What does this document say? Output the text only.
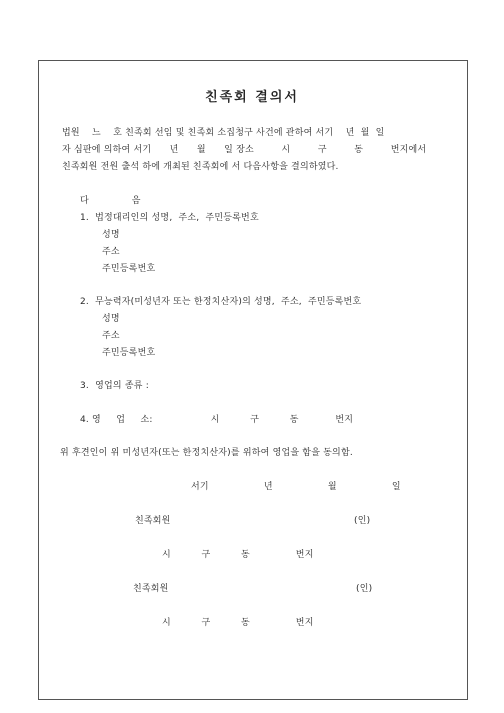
친족회 결의서
법원    느    호 친족회 선임 및 친족회 소집청구 사건에 관하여 서기    년  월  일
자 심판에 의하여 서기      년      월      일 장소         시         구         동         번지에서
친족회원 전원 출석 하에 개최된 친족회에 서 다음사항을 결의하였다.
다              음
1.  법정대리인의 성명,  주소,  주민등록번호
성명
주소
주민등록번호
2.  무능력자(미성년자 또는 한정치산자)의 성명,  주소,  주민등록번호
성명
주소
주민등록번호
3.  영업의 종류 :
4. 영     업     소:                   시          구          동            번지
위 후견인이 위 미성년자(또는 한정치산자)를 위하여 영업을 함을 동의함.
서기                  년                  월                  일
친족회원	(인)
시          구          동               번지
친족회원	(인)
시          구          동               번지
